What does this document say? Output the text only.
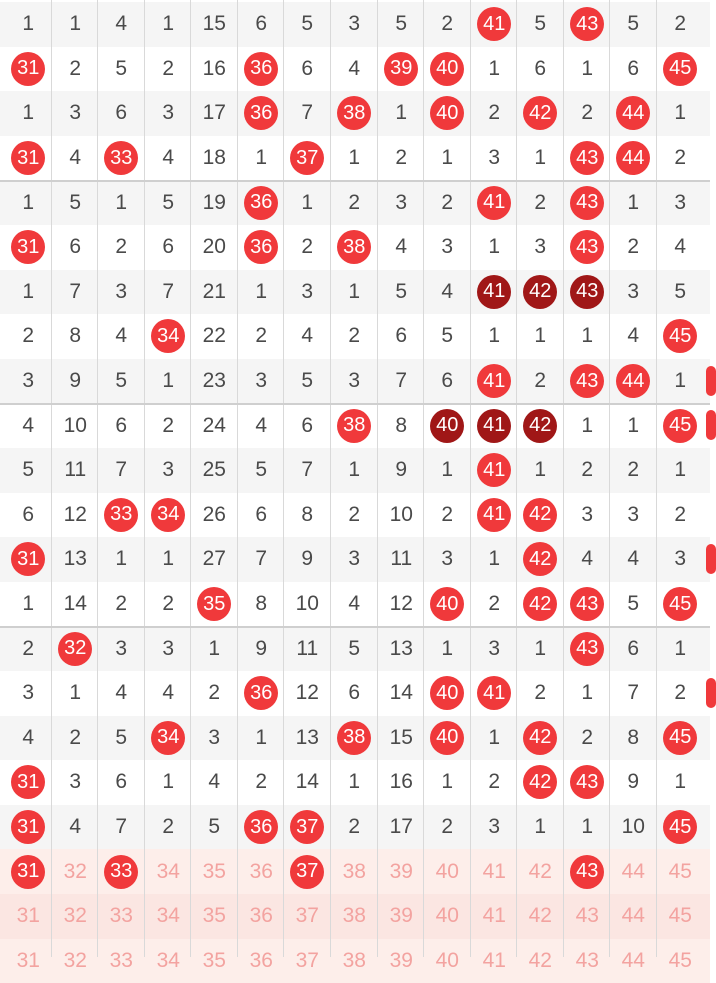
1 1 4 1 15 6 5 3 5 2 41 5 43 5 2
31 2 5 2 16 36 6 4 39 40 1 6 1 6 45
1 3 6 3 17 36 7 38 1 40 2 42 2 44 1
31 4 33 4 18 1 37 1 2 1 3 1 43 44 2
1 5 1 5 19 36 1 2 3 2 41 2 43 1 3
31 6 2 6 20 36 2 38 4 3 1 3 43 2 4
1 7 3 7 21 1 3 1 5 4 41 42 43 3 5
2 8 4 34 22 2 4 2 6 5 1 1 1 4 45
3 9 5 1 23 3 5 3 7 6 41 2 43 44 1
4 10 6 2 24 4 6 38 8 40 41 42 1 1 45
5 11 7 3 25 5 7 1 9 1 41 1 2 2 1
6 12 33 34 26 6 8 2 10 2 41 42 3 3 2
31 13 1 1 27 7 9 3 11 3 1 42 4 4 3
1 14 2 2 35 8 10 4 12 40 2 42 43 5 45
2 32 3 3 1 9 11 5 13 1 3 1 43 6 1
3 1 4 4 2 36 12 6 14 40 41 2 1 7 2
4 2 5 34 3 1 13 38 15 40 1 42 2 8 45
31 3 6 1 4 2 14 1 16 1 2 42 43 9 1
31 4 7 2 5 36 37 2 17 2 3 1 1 10 45
31 32 33 34 35 36 37 38 39 40 41 42 43 44 45
31 32 33 34 35 36 37 38 39 40 41 42 43 44 45
31 32 33 34 35 36 37 38 39 40 41 42 43 44 45
